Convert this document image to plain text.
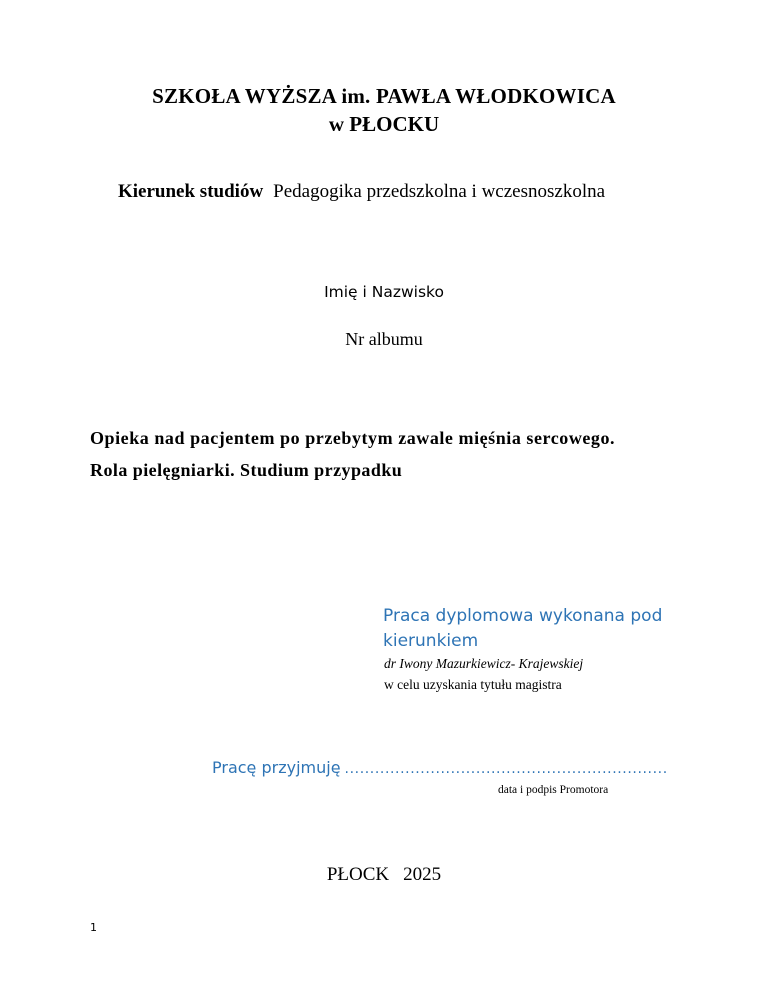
SZKOŁA WYŻSZA im. PAWŁA WŁODKOWICA
w PŁOCKU
Kierunek studiów Pedagogika przedszkolna i wczesnoszkolna
Imię i Nazwisko
Nr albumu
Opieka nad pacjentem po przebytym zawale mięśnia sercowego.
Rola pielęgniarki. Studium przypadku
Praca dyplomowa wykonana pod kierunkiem
dr Iwony Mazurkiewicz- Krajewskiej
w celu uzyskania tytułu magistra
Pracę przyjmuję ................................................................
data i podpis Promotora
PŁOCK 2025
1
